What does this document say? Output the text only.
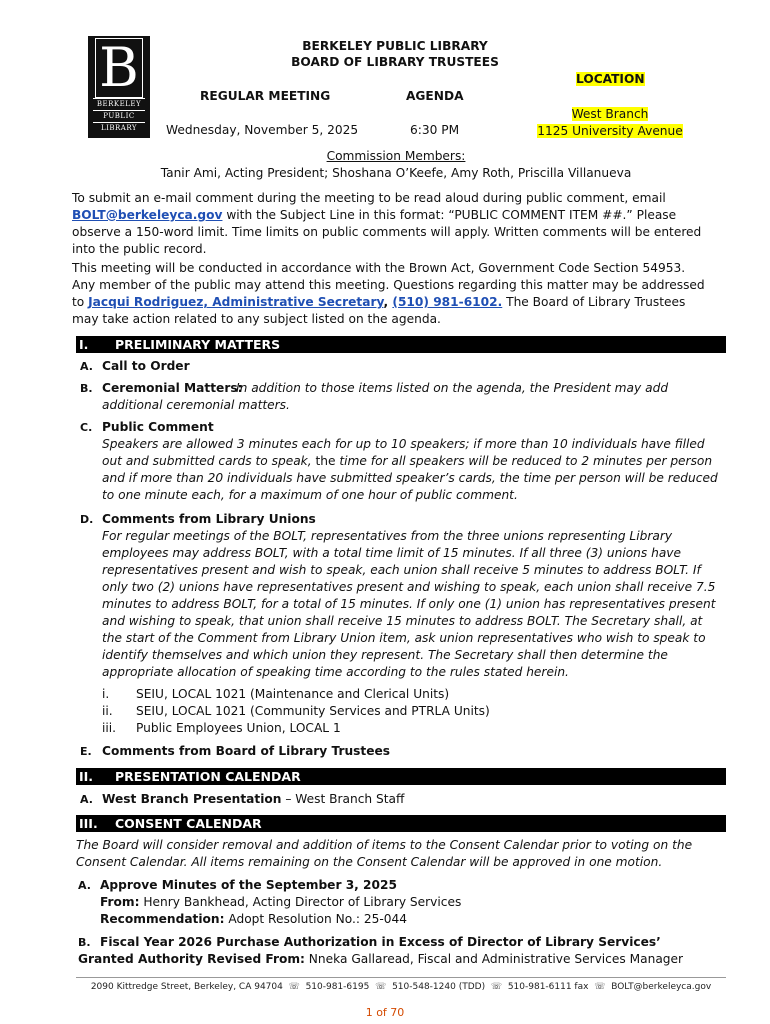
B
BERKELEY
PUBLIC
LIBRARY
BERKELEY PUBLIC LIBRARY
BOARD OF LIBRARY TRUSTEES
LOCATION
REGULAR MEETING	AGENDA
West Branch
1125 University Avenue
Wednesday, November 5, 2025	6:30 PM
Commission Members:
Tanir Ami, Acting President; Shoshana O’Keefe, Amy Roth, Priscilla Villanueva
To submit an e-mail comment during the meeting to be read aloud during public comment, email BOLT@berkeleyca.gov with the Subject Line in this format: “PUBLIC COMMENT ITEM ##.” Please observe a 150-word limit. Time limits on public comments will apply. Written comments will be entered into the public record.
This meeting will be conducted in accordance with the Brown Act, Government Code Section 54953. Any member of the public may attend this meeting. Questions regarding this matter may be addressed to Jacqui Rodriguez, Administrative Secretary, (510) 981-6102. The Board of Library Trustees may take action related to any subject listed on the agenda.
I. PRELIMINARY MATTERS
A. Call to Order
B. Ceremonial Matters:
In addition to those items listed on the agenda, the President may add additional ceremonial matters.
C. Public Comment
Speakers are allowed 3 minutes each for up to 10 speakers; if more than 10 individuals have filled out and submitted cards to speak, the time for all speakers will be reduced to 2 minutes per person and if more than 20 individuals have submitted speaker’s cards, the time per person will be reduced to one minute each, for a maximum of one hour of public comment.
D. Comments from Library Unions
For regular meetings of the BOLT, representatives from the three unions representing Library employees may address BOLT, with a total time limit of 15 minutes. If all three (3) unions have representatives present and wish to speak, each union shall receive 5 minutes to address BOLT. If only two (2) unions have representatives present and wishing to speak, each union shall receive 7.5 minutes to address BOLT, for a total of 15 minutes. If only one (1) union has representatives present and wishing to speak, that union shall receive 15 minutes to address BOLT. The Secretary shall, at the start of the Comment from Library Union item, ask union representatives who wish to speak to identify themselves and which union they represent. The Secretary shall then determine the appropriate allocation of speaking time according to the rules stated herein.
i. SEIU, LOCAL 1021 (Maintenance and Clerical Units)
ii. SEIU, LOCAL 1021 (Community Services and PTRLA Units)
iii. Public Employees Union, LOCAL 1
E. Comments from Board of Library Trustees
II. PRESENTATION CALENDAR
A. West Branch Presentation – West Branch Staff
III. CONSENT CALENDAR
The Board will consider removal and addition of items to the Consent Calendar prior to voting on the Consent Calendar. All items remaining on the Consent Calendar will be approved in one motion.
A. Approve Minutes of the September 3, 2025
From: Henry Bankhead, Acting Director of Library Services
Recommendation: Adopt Resolution No.: 25-044
B. Fiscal Year 2026 Purchase Authorization in Excess of Director of Library Services’ Granted Authority Revised From: Nneka Gallaread, Fiscal and Administrative Services Manager
2090 Kittredge Street, Berkeley, CA 94704 ☏ 510-981-6195 ☏ 510-548-1240 (TDD) ☏ 510-981-6111 fax ☏ BOLT@berkeleyca.gov
1 of 70
